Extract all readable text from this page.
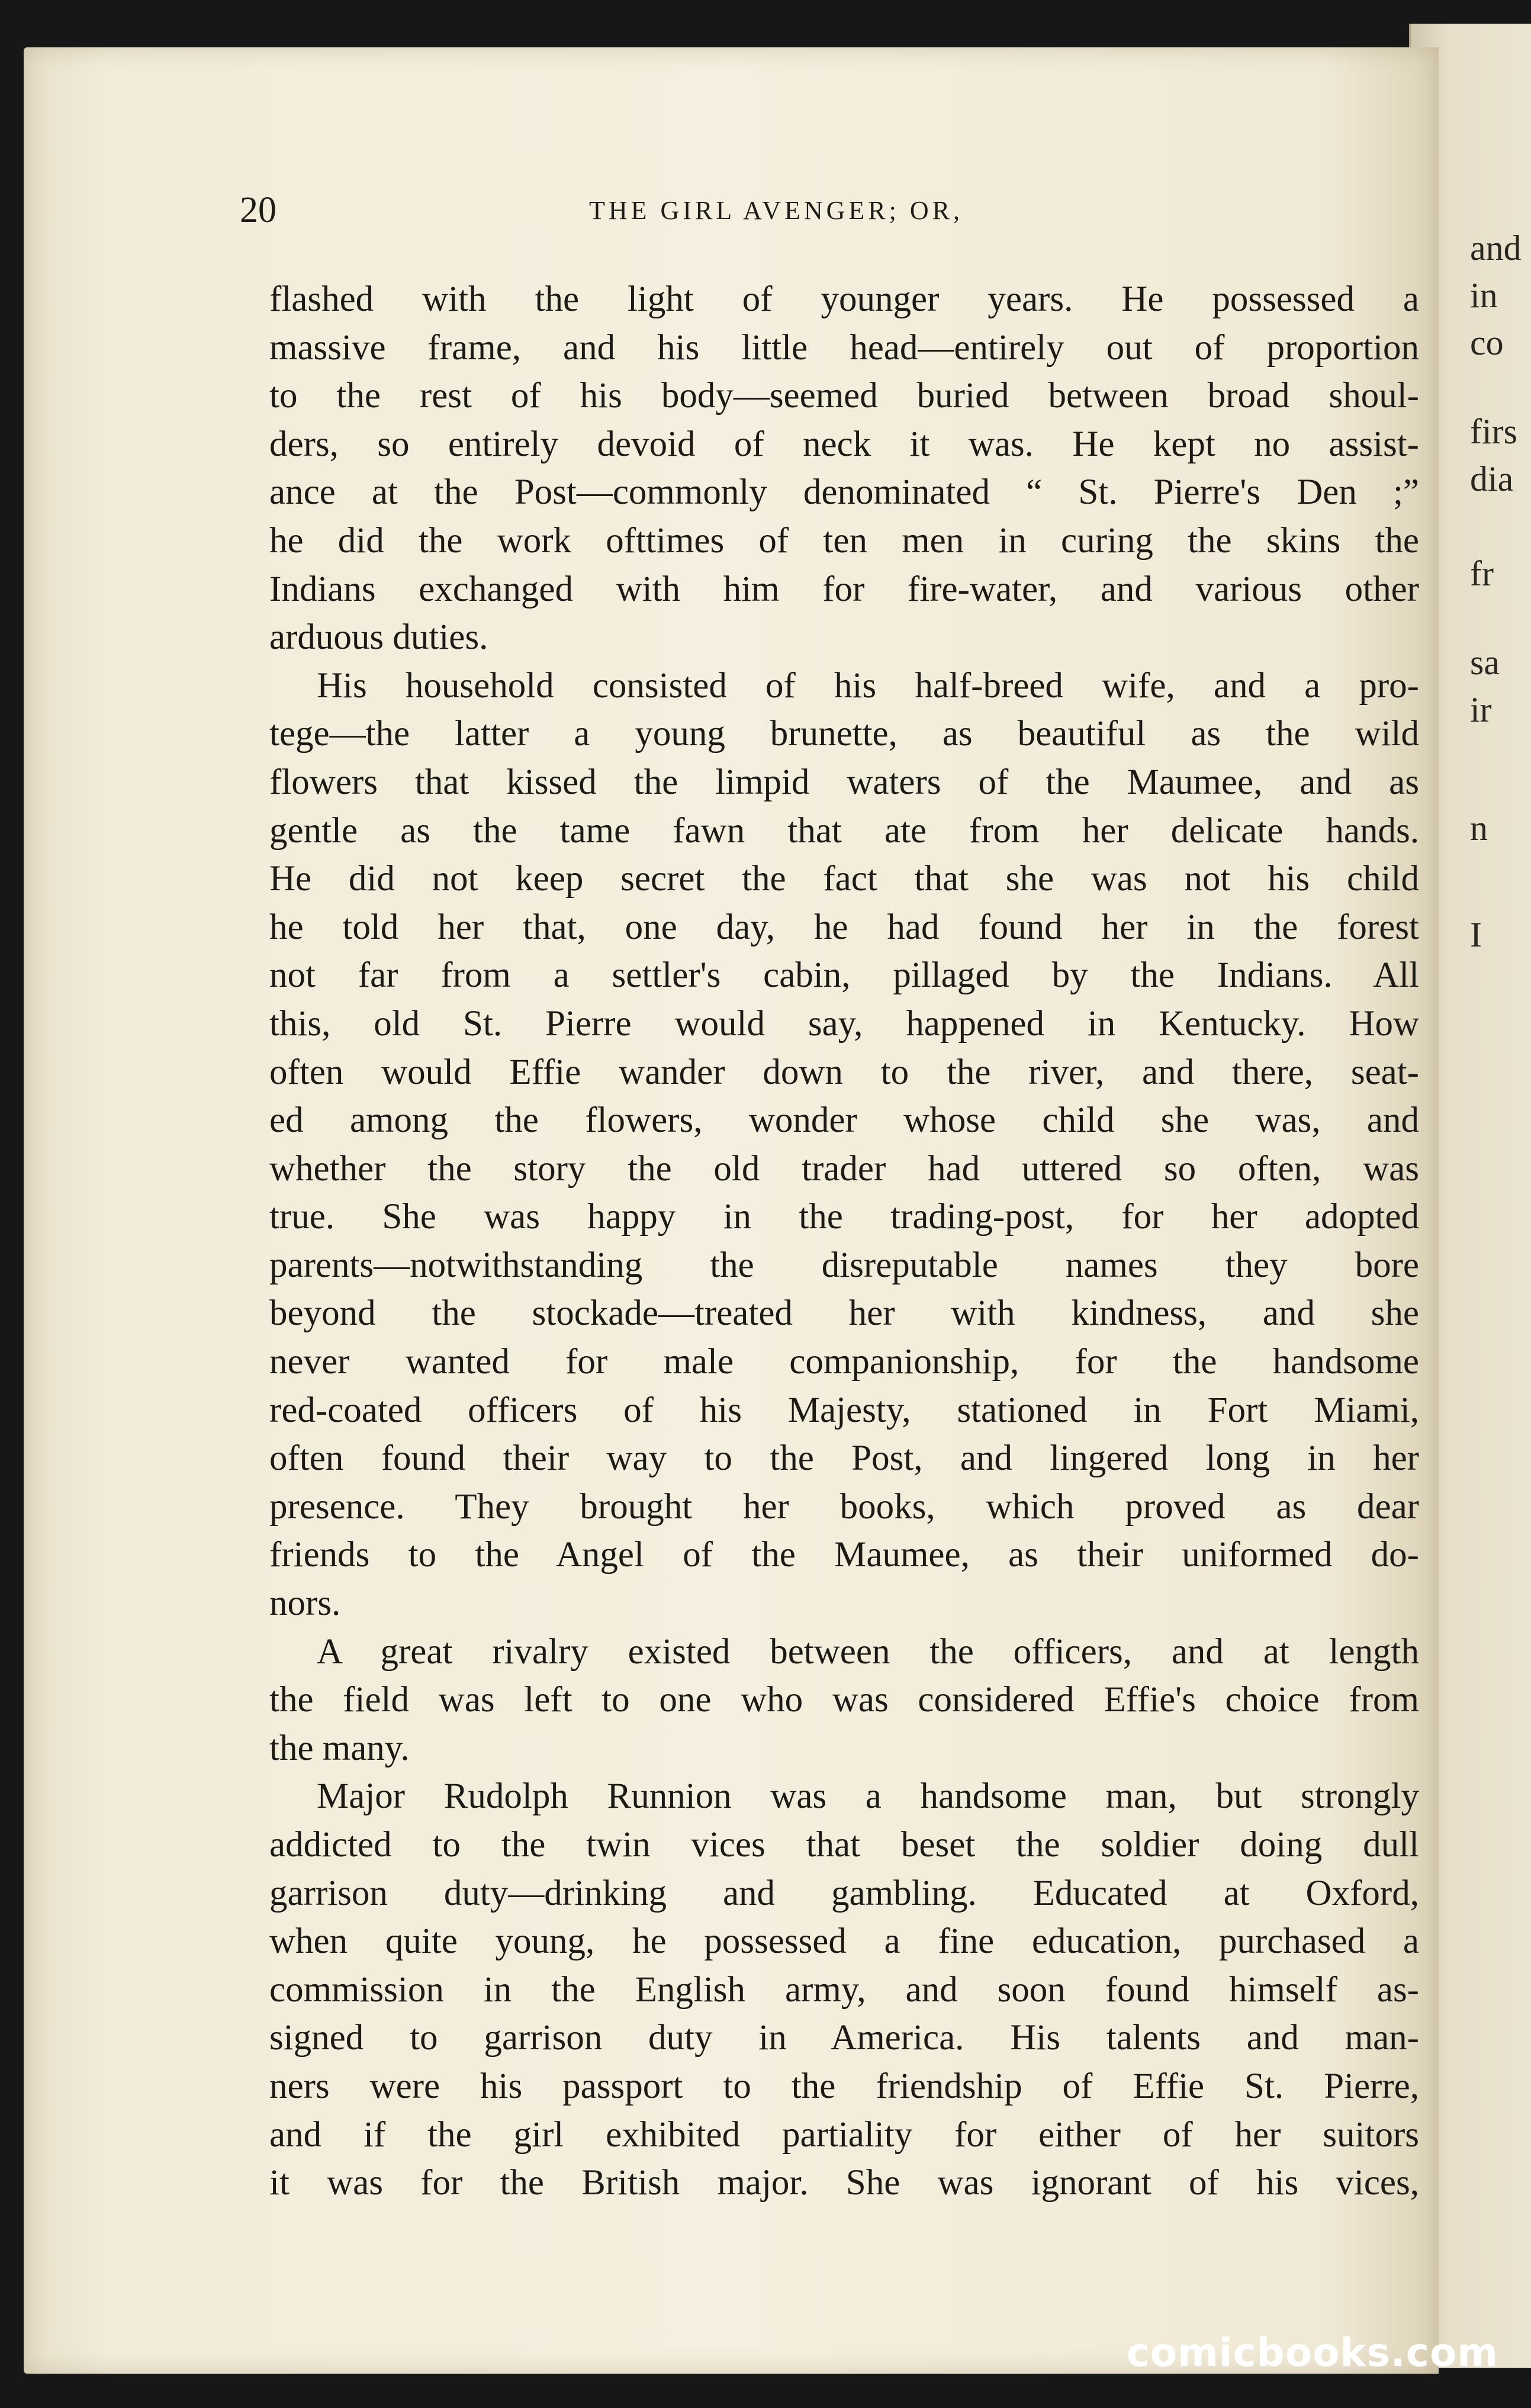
and
in
co
firs
dia
fr
sa
ir
n
I
20	THE GIRL AVENGER; OR,
flashed with the light of younger years. He possessed a
massive frame, and his little head—entirely out of proportion
to the rest of his body—seemed buried between broad shoul-
ders, so entirely devoid of neck it was. He kept no assist-
ance at the Post—commonly denominated “ St. Pierre's Den ;”
he did the work ofttimes of ten men in curing the skins the
Indians exchanged with him for fire-water, and various other
arduous duties.
His household consisted of his half-breed wife, and a pro-
tege—the latter a young brunette, as beautiful as the wild
flowers that kissed the limpid waters of the Maumee, and as
gentle as the tame fawn that ate from her delicate hands.
He did not keep secret the fact that she was not his child
he told her that, one day, he had found her in the forest
not far from a settler's cabin, pillaged by the Indians. All
this, old St. Pierre would say, happened in Kentucky. How
often would Effie wander down to the river, and there, seat-
ed among the flowers, wonder whose child she was, and
whether the story the old trader had uttered so often, was
true. She was happy in the trading-post, for her adopted
parents—notwithstanding the disreputable names they bore
beyond the stockade—treated her with kindness, and she
never wanted for male companionship, for the handsome
red-coated officers of his Majesty, stationed in Fort Miami,
often found their way to the Post, and lingered long in her
presence. They brought her books, which proved as dear
friends to the Angel of the Maumee, as their uniformed do-
nors.
A great rivalry existed between the officers, and at length
the field was left to one who was considered Effie's choice from
the many.
Major Rudolph Runnion was a handsome man, but strongly
addicted to the twin vices that beset the soldier doing dull
garrison duty—drinking and gambling. Educated at Oxford,
when quite young, he possessed a fine education, purchased a
commission in the English army, and soon found himself as-
signed to garrison duty in America. His talents and man-
ners were his passport to the friendship of Effie St. Pierre,
and if the girl exhibited partiality for either of her suitors
it was for the British major. She was ignorant of his vices,
comicbooks.com
